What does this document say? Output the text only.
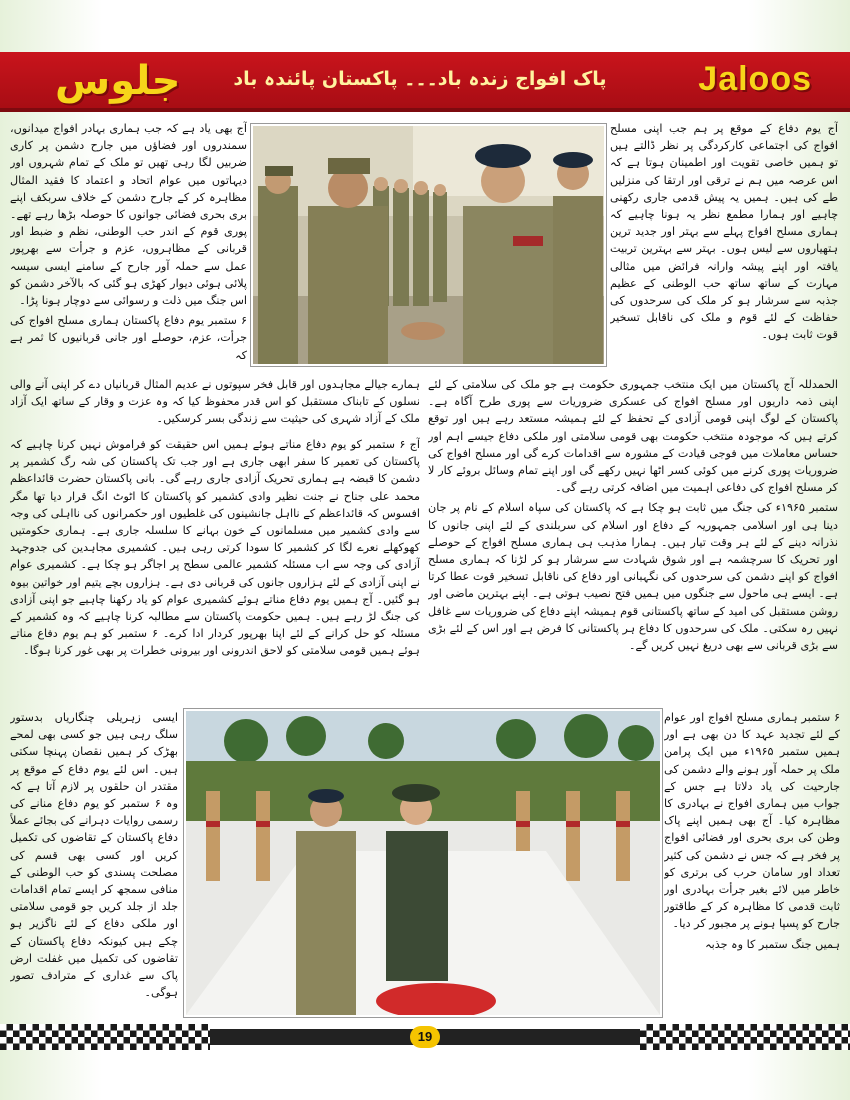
جلوس	پاک افواج زندہ باد۔۔۔ پاکستان پائندہ باد	Jaloos

آج یوم دفاع کے موقع پر ہم جب اپنی مسلح افواج کی اجتماعی کارکردگی پر نظر ڈالتے ہیں تو ہمیں خاصی تقویت اور اطمینان ہوتا ہے کہ اس عرصہ میں ہم نے ترقی اور ارتقا کی منزلیں طے کی ہیں۔ ہمیں یہ پیش قدمی جاری رکھنی چاہیے اور ہمارا مطمع نظر یہ ہونا چاہیے کہ ہماری مسلح افواج پہلے سے بہتر اور جدید ترین ہتھیاروں سے لیس ہوں۔ بہتر سے بہترین تربیت یافتہ اور اپنے پیشہ وارانہ فرائض میں مثالی مہارت کے ساتھ ساتھ حب الوطنی کے عظیم جذبہ سے سرشار ہو کر ملک کی سرحدوں کی حفاظت کے لئے قوم و ملک کی ناقابل تسخیر قوت ثابت ہوں۔

آج بھی یاد ہے کہ جب ہماری بہادر افواج میدانوں، سمندروں اور فضاؤں میں جارح دشمن پر کاری ضربیں لگا رہی تھیں تو ملک کے تمام شہروں اور دیہاتوں میں عوام اتحاد و اعتماد کا فقید المثال مظاہرہ کر کے جارح دشمن کے خلاف سربکف اپنے بری بحری فضائی جوانوں کا حوصلہ بڑھا رہے تھے۔ پوری قوم کے اندر حب الوطنی، نظم و ضبط اور قربانی کے مظاہروں، عزم و جرأت سے بھرپور عمل سے حملہ آور جارح کے سامنے ایسی سیسہ پلائی ہوئی دیوار کھڑی ہو گئی کہ بالآخر دشمن کو اس جنگ میں ذلت و رسوائی سے دوچار ہونا پڑا۔

۶ ستمبر یوم دفاع پاکستان ہماری مسلح افواج کی جرأت، عزم، حوصلے اور جانی قربانیوں کا ثمر ہے کہ

ہمارے جیالے مجاہدوں اور قابل فخر سپوتوں نے عدیم المثال قربانیاں دے کر اپنی آنے والی نسلوں کے تابناک مستقبل کو اس قدر محفوظ کیا کہ وہ عزت و وقار کے ساتھ ایک آزاد ملک کے آزاد شہری کی حیثیت سے زندگی بسر کرسکیں۔

الحمدللہ آج پاکستان میں ایک منتخب جمہوری حکومت ہے جو ملک کی سلامتی کے لئے اپنی ذمہ داریوں اور مسلح افواج کی عسکری ضروریات سے پوری طرح آگاہ ہے۔ پاکستان کے لوگ اپنی قومی آزادی کے تحفظ کے لئے ہمیشہ مستعد رہے ہیں اور توقع کرتے ہیں کہ موجودہ منتخب حکومت بھی قومی سلامتی اور ملکی دفاع جیسے اہم اور حساس معاملات میں فوجی قیادت کے مشورہ سے اقدامات کرے گی اور مسلح افواج کی ضروریات پوری کرنے میں کوئی کسر اٹھا نہیں رکھے گی اور اپنے تمام وسائل بروئے کار لا کر مسلح افواج کی دفاعی اہمیت میں اضافہ کرتی رہے گی۔

ستمبر ۱۹۶۵ء کی جنگ میں ثابت ہو چکا ہے کہ پاکستان کی سپاہ اسلام کے نام پر جان دینا ہی اور اسلامی جمہوریہ کے دفاع اور اسلام کی سربلندی کے لئے اپنی جانوں کا نذرانہ دینے کے لئے ہر وقت تیار ہیں۔ ہمارا مذہب ہی ہماری مسلح افواج کے حوصلے اور تحریک کا سرچشمہ ہے اور شوق شہادت سے سرشار ہو کر لڑنا کہ ہماری مسلح افواج کو اپنے دشمن کی سرحدوں کی نگہبانی اور دفاع کی ناقابل تسخیر قوت عطا کرتا ہے۔ ایسے ہی ماحول سے جنگوں میں ہمیں فتح نصیب ہوتی ہے۔ اپنے بہترین ماضی اور روشن مستقبل کی امید کے ساتھ پاکستانی قوم ہمیشہ اپنے دفاع کی ضروریات سے غافل نہیں رہ سکتی۔ ملک کی سرحدوں کا دفاع ہر پاکستانی کا فرض ہے اور اس کے لئے بڑی سے بڑی قربانی سے بھی دریغ نہیں کریں گے۔

آج ۶ ستمبر کو یوم دفاع مناتے ہوئے ہمیں اس حقیقت کو فراموش نہیں کرنا چاہیے کہ پاکستان کی تعمیر کا سفر ابھی جاری ہے اور جب تک پاکستان کی شہ رگ کشمیر پر دشمن کا قبضہ ہے ہماری تحریک آزادی جاری رہے گی۔ بانی پاکستان حضرت قائداعظم محمد علی جناح نے جنت نظیر وادی کشمیر کو پاکستان کا اٹوٹ انگ قرار دیا تھا مگر افسوس کہ قائداعظم کے نااہل جانشینوں کی غلطیوں اور حکمرانوں کی نااہلی کی وجہ سے وادی کشمیر میں مسلمانوں کے خون بہانے کا سلسلہ جاری ہے۔ ہماری حکومتیں کھوکھلے نعرے لگا کر کشمیر کا سودا کرتی رہی ہیں۔ کشمیری مجاہدین کی جدوجہد آزادی کی وجہ سے اب مسئلہ کشمیر عالمی سطح پر اجاگر ہو چکا ہے۔ کشمیری عوام نے اپنی آزادی کے لئے ہزاروں جانوں کی قربانی دی ہے۔ ہزاروں بچے یتیم اور خواتین بیوہ ہو گئیں۔ آج ہمیں یوم دفاع مناتے ہوئے کشمیری عوام کو یاد رکھنا چاہیے جو اپنی آزادی کی جنگ لڑ رہے ہیں۔ ہمیں حکومت پاکستان سے مطالبہ کرنا چاہیے کہ وہ کشمیر کے مسئلہ کو حل کرانے کے لئے اپنا بھرپور کردار ادا کرے۔ ۶ ستمبر کو ہم یوم دفاع مناتے ہوئے ہمیں قومی سلامتی کو لاحق اندرونی اور بیرونی خطرات پر بھی غور کرنا ہوگا۔

ایسی زہریلی چنگاریاں بدستور سلگ رہی ہیں جو کسی بھی لمحے بھڑک کر ہمیں نقصان پہنچا سکتی ہیں۔ اس لئے یوم دفاع کے موقع پر مقتدر ان حلقوں پر لازم آتا ہے کہ وہ ۶ ستمبر کو یوم دفاع منانے کی رسمی روایات دہرانے کی بجائے عملاً دفاع پاکستان کے تقاضوں کی تکمیل کریں اور کسی بھی قسم کی مصلحت پسندی کو حب الوطنی کے منافی سمجھ کر ایسے تمام اقدامات جلد از جلد کریں جو قومی سلامتی اور ملکی دفاع کے لئے ناگزیر ہو چکے ہیں کیونکہ دفاع پاکستان کے تقاضوں کی تکمیل میں غفلت ارض پاک سے غداری کے مترادف تصور ہوگی۔

۶ ستمبر ہماری مسلح افواج اور عوام کے لئے تجدید عہد کا دن بھی ہے اور ہمیں ستمبر ۱۹۶۵ء میں ایک پرامن ملک پر حملہ آور ہونے والے دشمن کی جارحیت کی یاد دلاتا ہے جس کے جواب میں ہماری افواج نے بہادری کا مظاہرہ کیا۔ آج بھی ہمیں اپنے پاک وطن کی بری بحری اور فضائی افواج پر فخر ہے کہ جس نے دشمن کی کثیر تعداد اور سامان حرب کی برتری کو خاطر میں لائے بغیر جرأت بہادری اور ثابت قدمی کا مظاہرہ کر کے طاقتور جارح کو پسپا ہونے پر مجبور کر دیا۔

ہمیں جنگ ستمبر کا وہ جذبہ

19
